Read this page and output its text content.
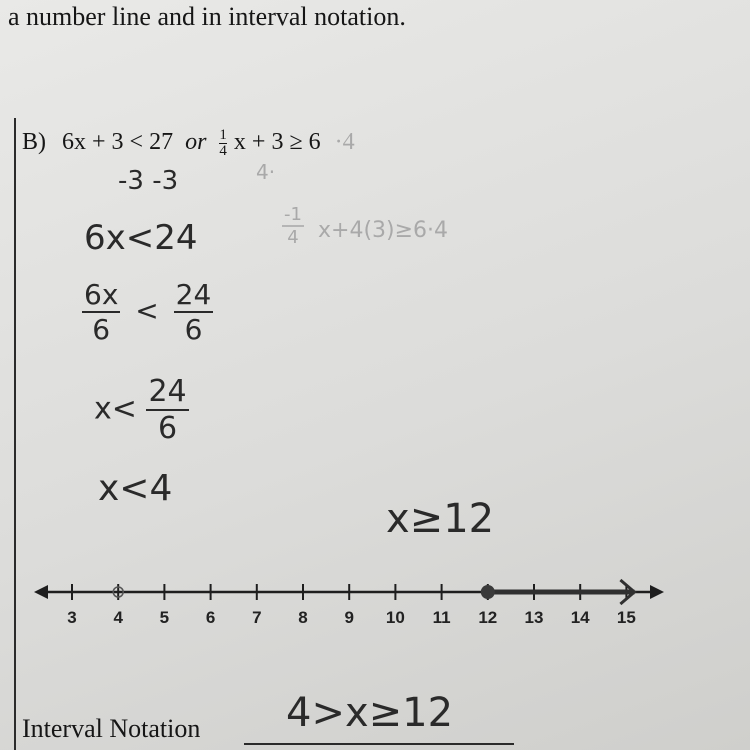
a number line and in interval notation.
B) 6x + 3 < 27 or $\frac{1}{4}$ x + 3 ≥ 6 ·4
-3 -3
6x<24
$\frac{6x}{6} < \frac{24}{6}$
$x< \frac{24}{6}$
x<4
4·
$\frac{-1}{4} x+4(3)\ge 6\cdot 4$
x≥12
3 4 5 6 7 8 9 10 11 12 13 14 15
Interval Notation 4>x≥12
